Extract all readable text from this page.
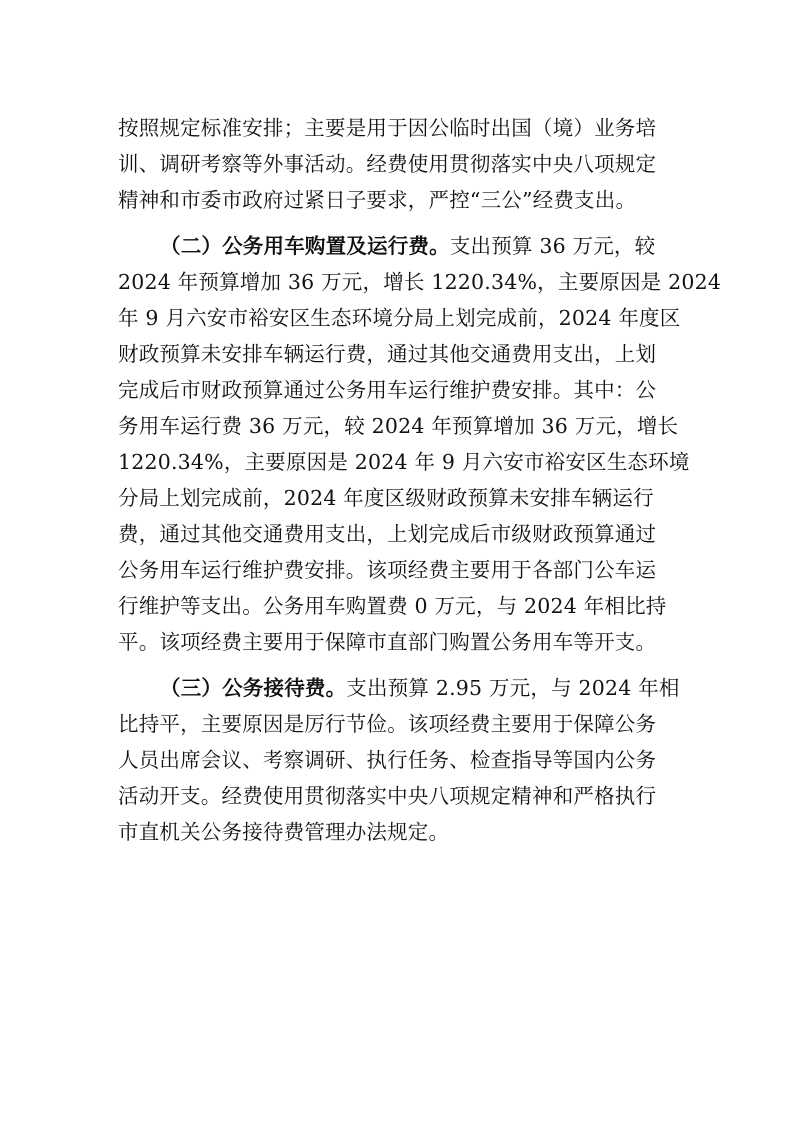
按照规定标准安排；主要是用于因公临时出国（境）业务培
训、调研考察等外事活动。经费使用贯彻落实中央八项规定
精神和市委市政府过紧日子要求，严控“三公”经费支出。
（二）公务用车购置及运行费。支出预算 36 万元，较
2024 年预算增加 36 万元，增长 1220.34%，主要原因是 2024
年 9 月六安市裕安区生态环境分局上划完成前，2024 年度区
财政预算未安排车辆运行费，通过其他交通费用支出，上划
完成后市财政预算通过公务用车运行维护费安排。其中：公
务用车运行费 36 万元，较 2024 年预算增加 36 万元，增长
1220.34%，主要原因是 2024 年 9 月六安市裕安区生态环境
分局上划完成前，2024 年度区级财政预算未安排车辆运行
费，通过其他交通费用支出，上划完成后市级财政预算通过
公务用车运行维护费安排。该项经费主要用于各部门公车运
行维护等支出。公务用车购置费 0 万元，与 2024 年相比持
平。该项经费主要用于保障市直部门购置公务用车等开支。
（三）公务接待费。支出预算 2.95 万元，与 2024 年相
比持平，主要原因是厉行节俭。该项经费主要用于保障公务
人员出席会议、考察调研、执行任务、检查指导等国内公务
活动开支。经费使用贯彻落实中央八项规定精神和严格执行
市直机关公务接待费管理办法规定。
